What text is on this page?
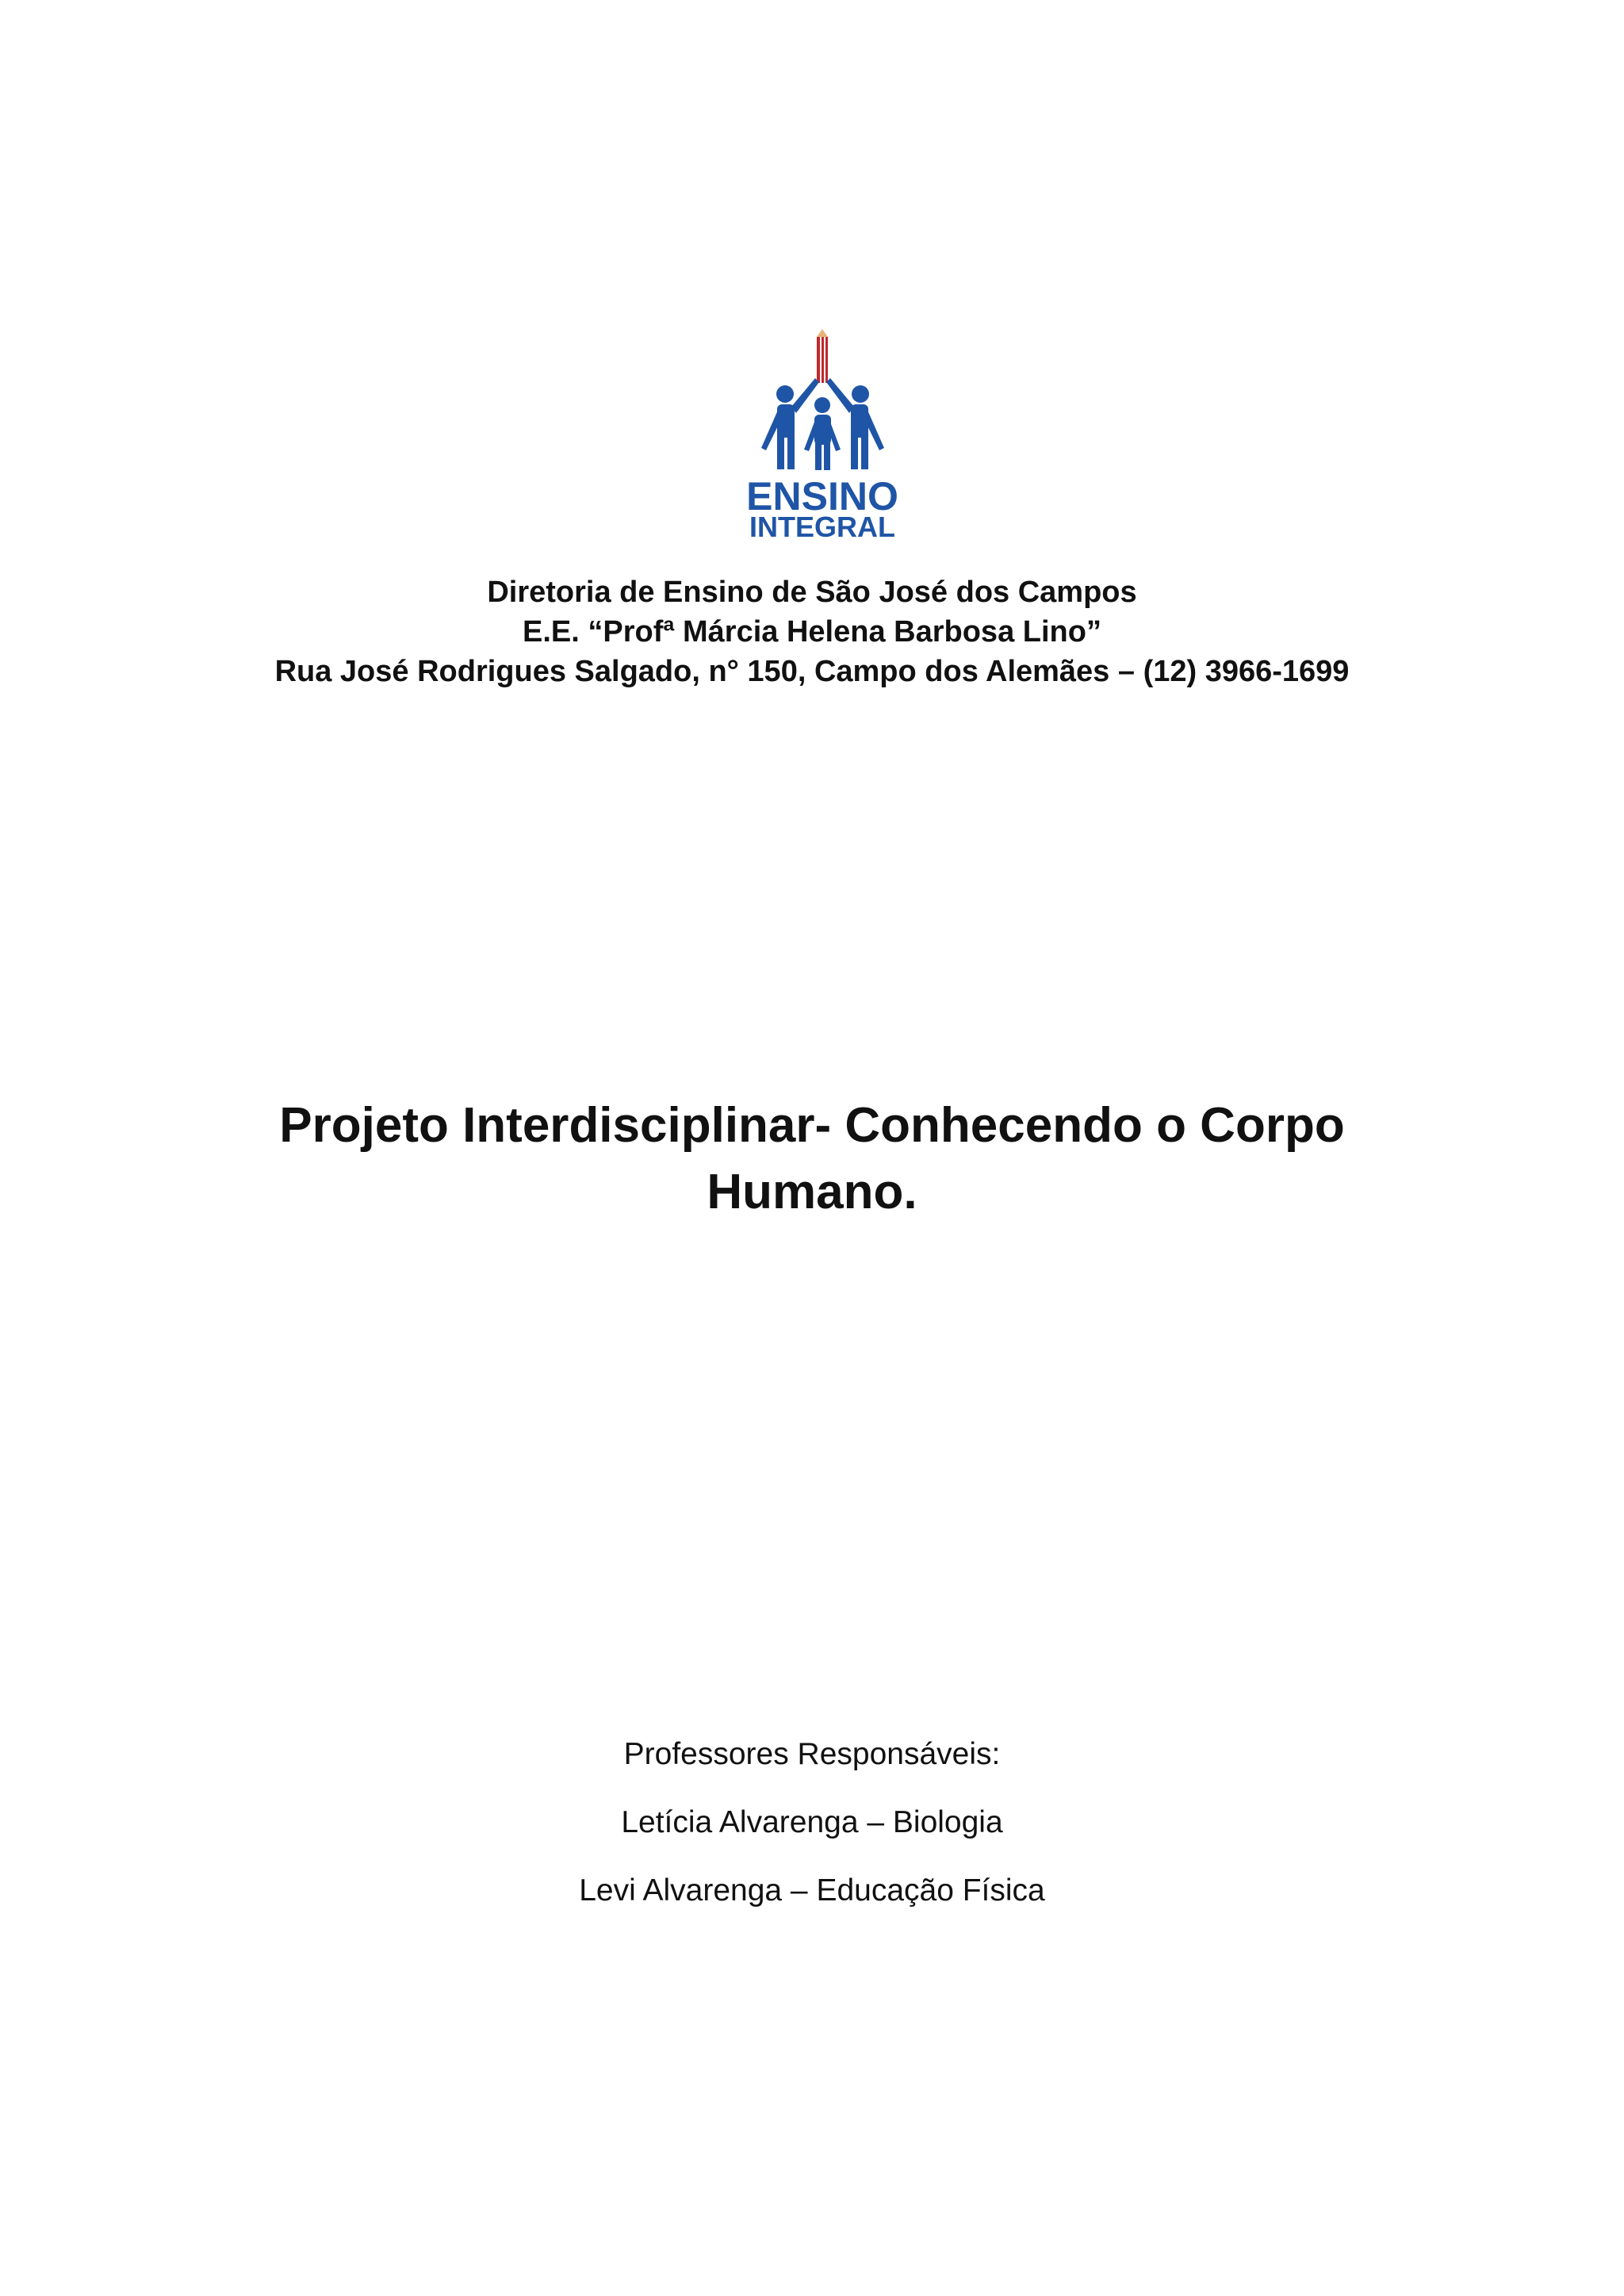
ENSINO
INTEGRAL
Diretoria de Ensino de São José dos Campos
E.E. “Profª Márcia Helena Barbosa Lino”
Rua José Rodrigues Salgado, n° 150, Campo dos Alemães – (12) 3966-1699
Projeto Interdisciplinar- Conhecendo o Corpo
Humano.
Professores Responsáveis:
Letícia Alvarenga – Biologia
Levi Alvarenga – Educação Física
